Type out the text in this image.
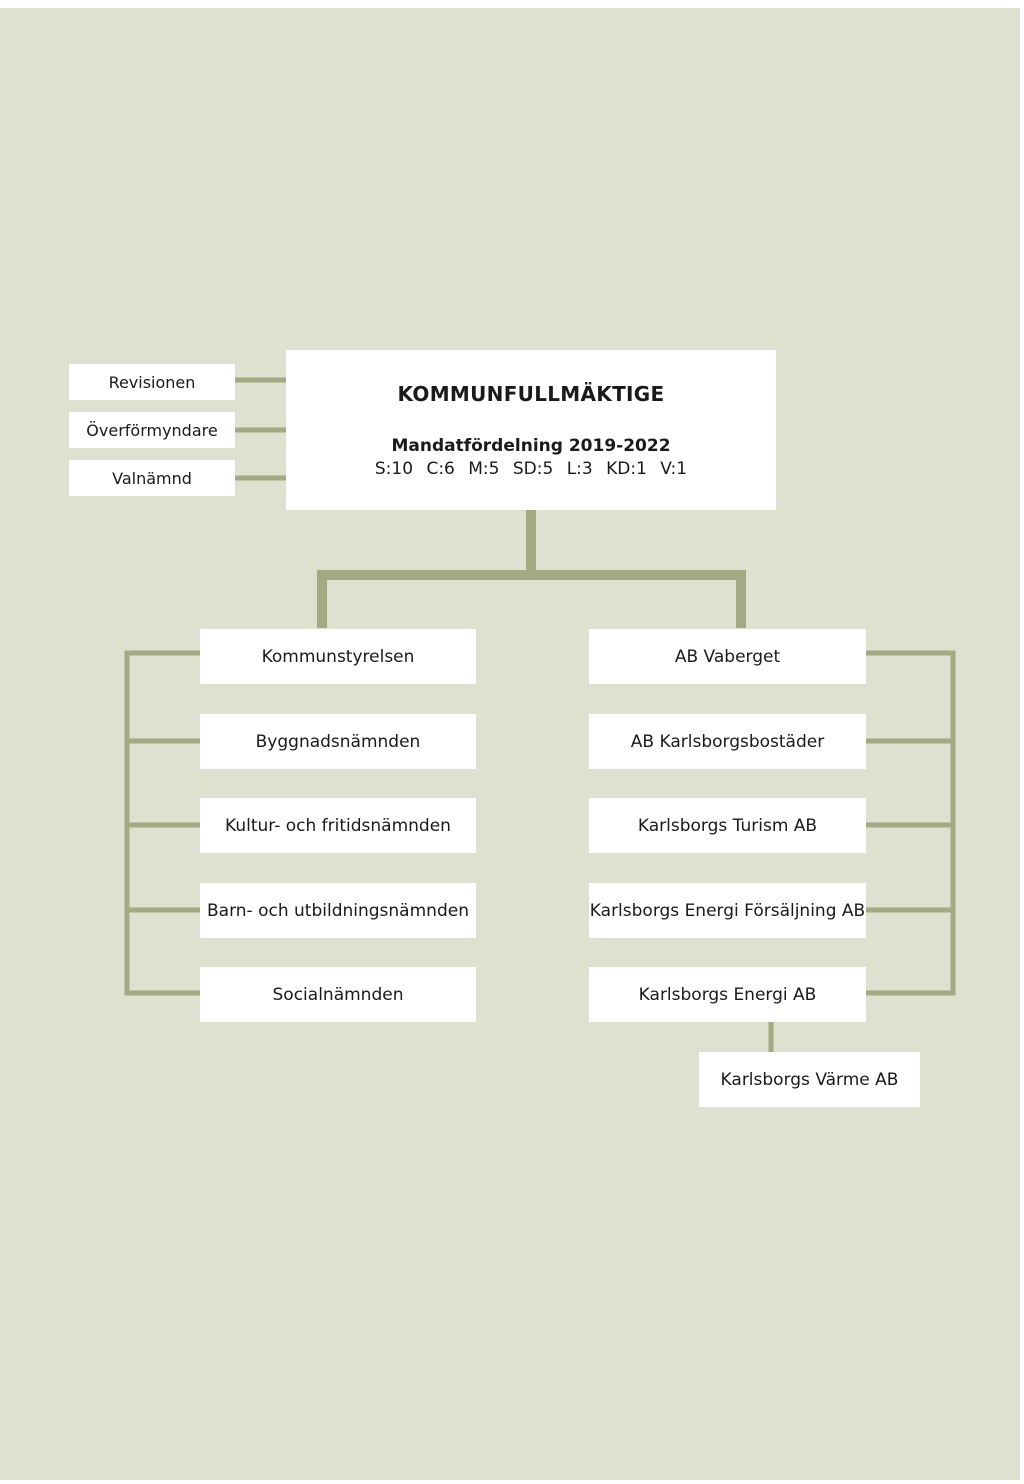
Revisionen
Överförmyndare
Valnämnd
KOMMUNFULLMÄKTIGE
Mandatfördelning 2019-2022
S:10 C:6 M:5 SD:5 L:3 KD:1 V:1
Kommunstyrelsen
Byggnadsnämnden
Kultur- och fritidsnämnden
Barn- och utbildningsnämnden
Socialnämnden
AB Vaberget
AB Karlsborgsbostäder
Karlsborgs Turism AB
Karlsborgs Energi Försäljning AB
Karlsborgs Energi AB
Karlsborgs Värme AB
